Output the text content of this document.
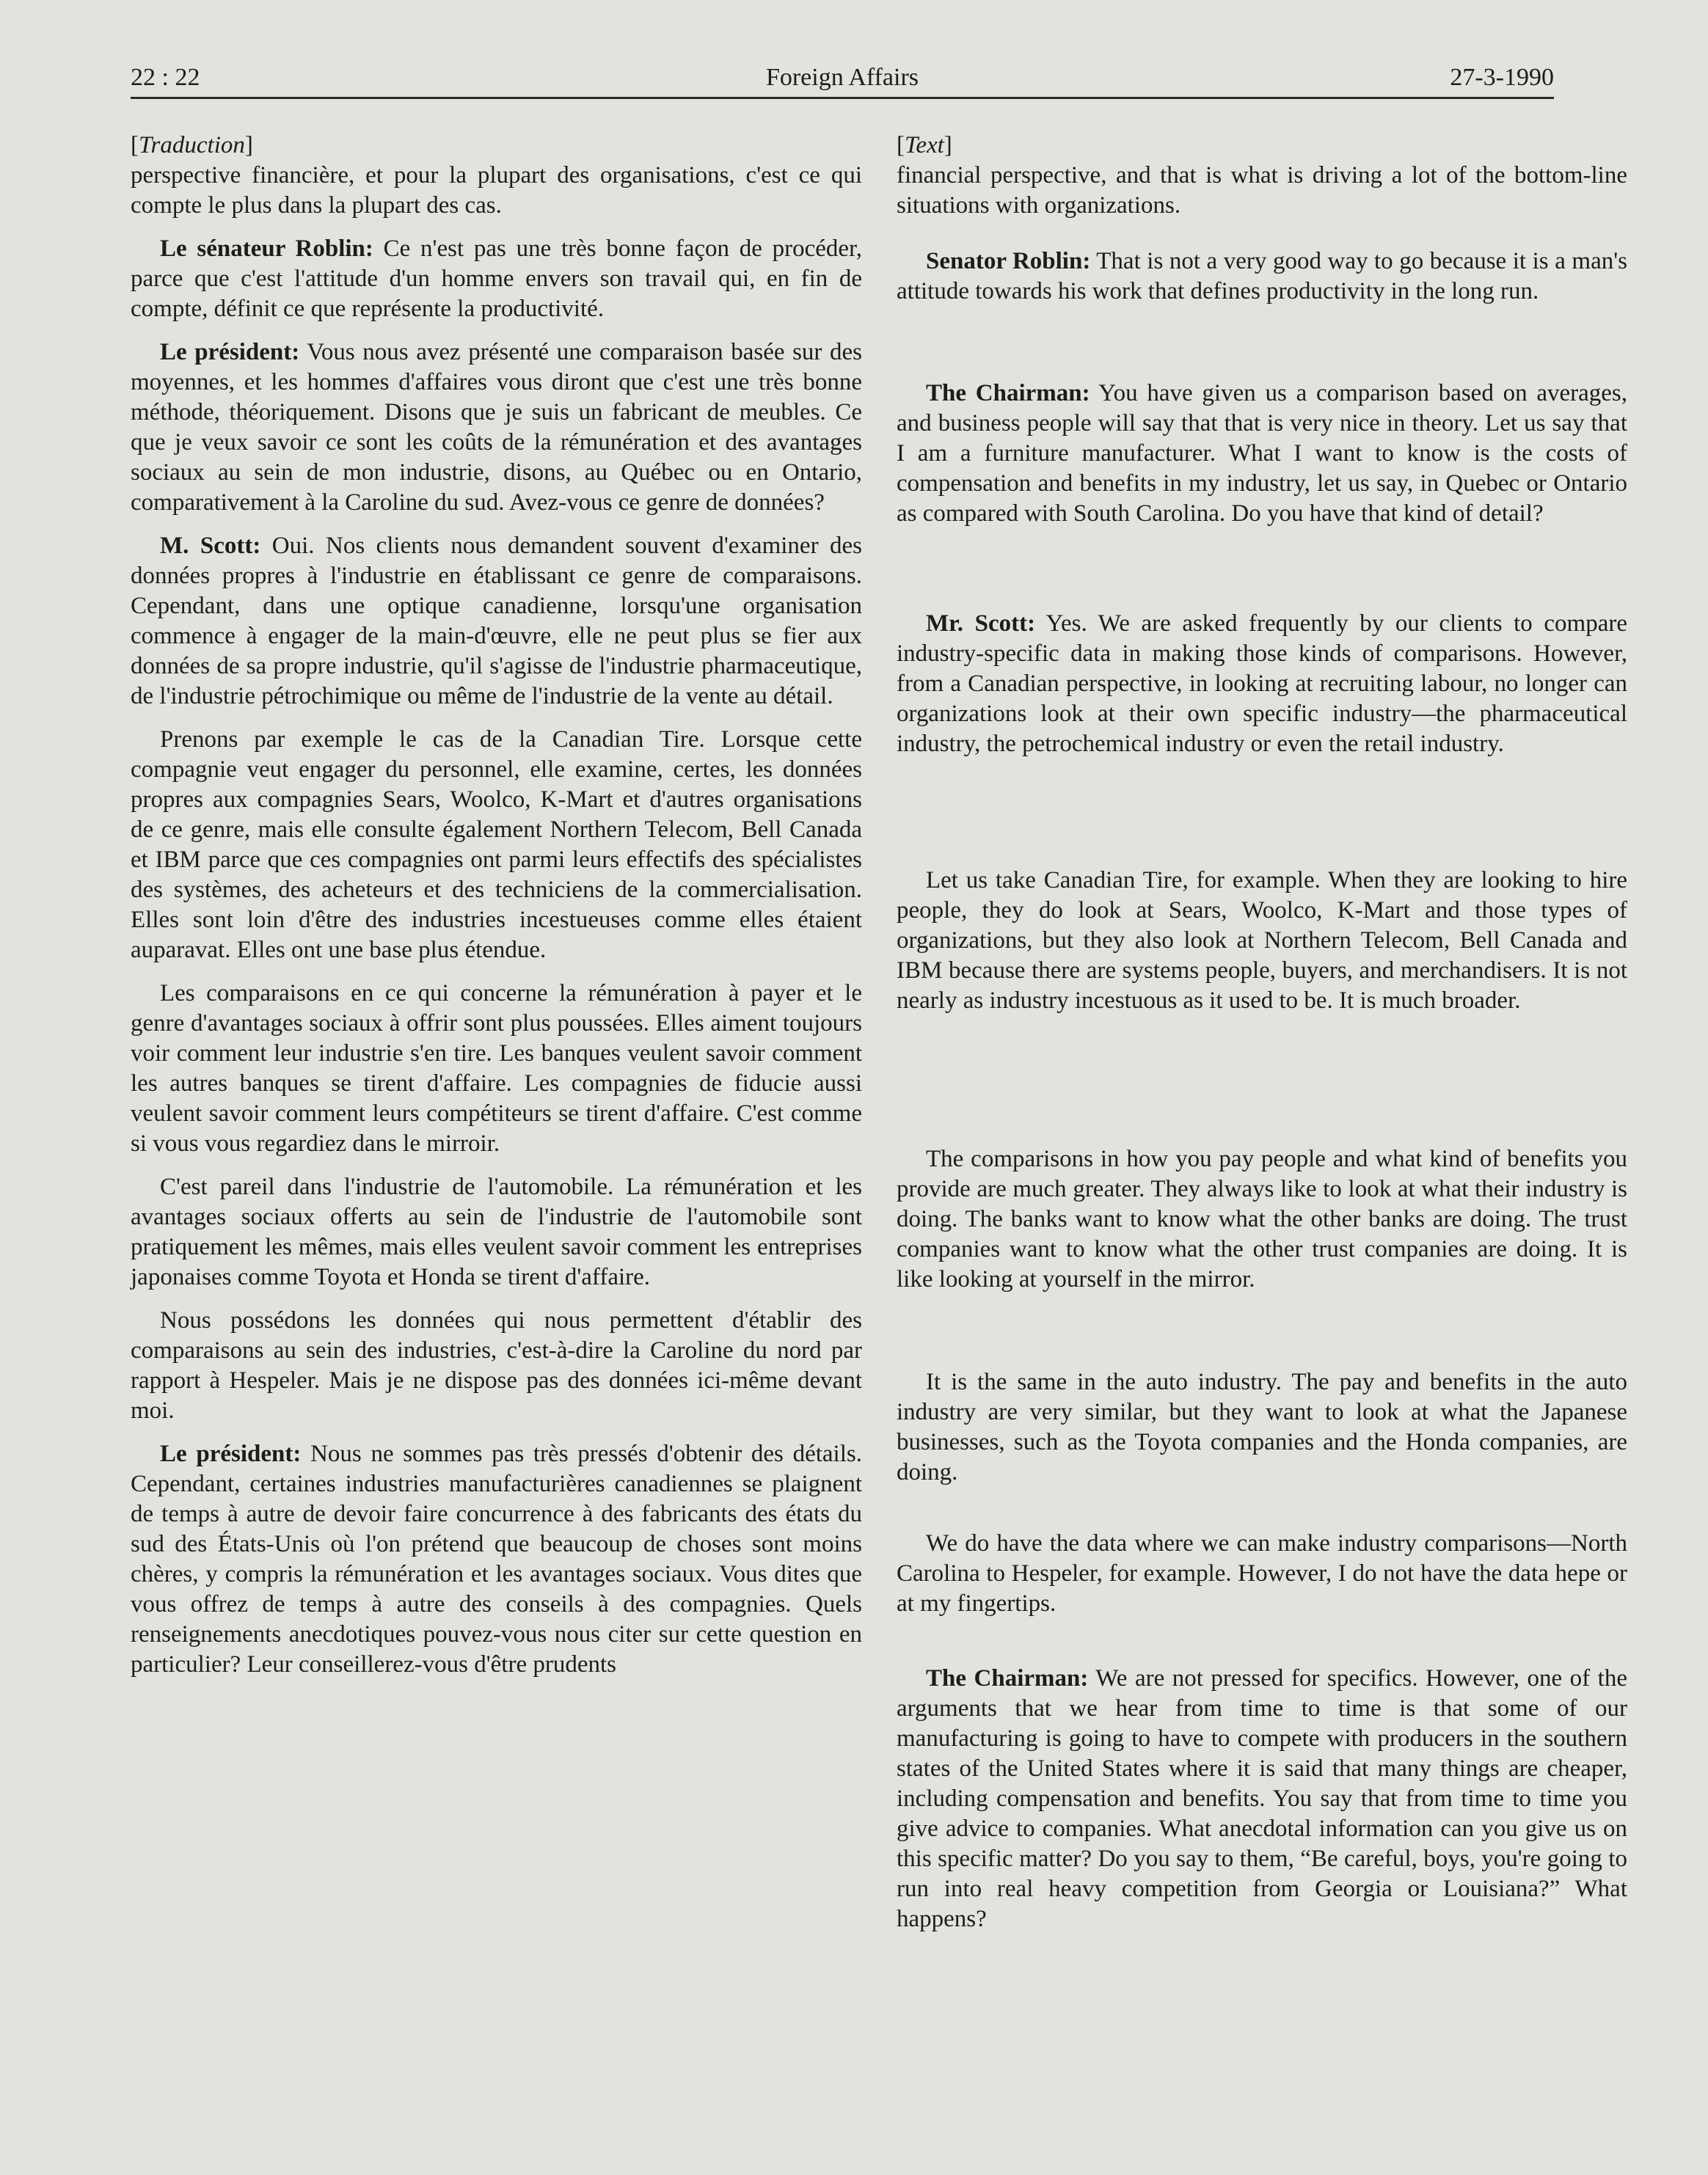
22 : 22	Foreign Affairs	27-3-1990
[Traduction]

perspective financière, et pour la plupart des organisations, c'est ce qui compte le plus dans la plupart des cas.

Le sénateur Roblin: Ce n'est pas une très bonne façon de procéder, parce que c'est l'attitude d'un homme envers son travail qui, en fin de compte, définit ce que représente la productivité.

Le président: Vous nous avez présenté une comparaison basée sur des moyennes, et les hommes d'affaires vous diront que c'est une très bonne méthode, théoriquement. Disons que je suis un fabricant de meubles. Ce que je veux savoir ce sont les coûts de la rémunération et des avantages sociaux au sein de mon industrie, disons, au Québec ou en Ontario, comparativement à la Caroline du sud. Avez-vous ce genre de données?

M. Scott: Oui. Nos clients nous demandent souvent d'examiner des données propres à l'industrie en établissant ce genre de comparaisons. Cependant, dans une optique canadienne, lorsqu'une organisation commence à engager de la main-d'œuvre, elle ne peut plus se fier aux données de sa propre industrie, qu'il s'agisse de l'industrie pharmaceutique, de l'industrie pétrochimique ou même de l'industrie de la vente au détail.

Prenons par exemple le cas de la Canadian Tire. Lorsque cette compagnie veut engager du personnel, elle examine, certes, les données propres aux compagnies Sears, Woolco, K-Mart et d'autres organisations de ce genre, mais elle consulte également Northern Telecom, Bell Canada et IBM parce que ces compagnies ont parmi leurs effectifs des spécialistes des systèmes, des acheteurs et des techniciens de la commercialisation. Elles sont loin d'être des industries incestueuses comme elles étaient auparavat. Elles ont une base plus étendue.

Les comparaisons en ce qui concerne la rémunération à payer et le genre d'avantages sociaux à offrir sont plus poussées. Elles aiment toujours voir comment leur industrie s'en tire. Les banques veulent savoir comment les autres banques se tirent d'affaire. Les compagnies de fiducie aussi veulent savoir comment leurs compétiteurs se tirent d'affaire. C'est comme si vous vous regardiez dans le mirroir.

C'est pareil dans l'industrie de l'automobile. La rémunération et les avantages sociaux offerts au sein de l'industrie de l'automobile sont pratiquement les mêmes, mais elles veulent savoir comment les entreprises japonaises comme Toyota et Honda se tirent d'affaire.

Nous possédons les données qui nous permettent d'établir des comparaisons au sein des industries, c'est-à-dire la Caroline du nord par rapport à Hespeler. Mais je ne dispose pas des données ici-même devant moi.

Le président: Nous ne sommes pas très pressés d'obtenir des détails. Cependant, certaines industries manufacturières canadiennes se plaignent de temps à autre de devoir faire concurrence à des fabricants des états du sud des États-Unis où l'on prétend que beaucoup de choses sont moins chères, y compris la rémunération et les avantages sociaux. Vous dites que vous offrez de temps à autre des conseils à des compagnies. Quels renseignements anecdotiques pouvez-vous nous citer sur cette question en particulier? Leur conseillerez-vous d'être prudents

[Text]

financial perspective, and that is what is driving a lot of the bottom-line situations with organizations.

Senator Roblin: That is not a very good way to go because it is a man's attitude towards his work that defines productivity in the long run.

The Chairman: You have given us a comparison based on averages, and business people will say that that is very nice in theory. Let us say that I am a furniture manufacturer. What I want to know is the costs of compensation and benefits in my industry, let us say, in Quebec or Ontario as compared with South Carolina. Do you have that kind of detail?

Mr. Scott: Yes. We are asked frequently by our clients to compare industry-specific data in making those kinds of comparisons. However, from a Canadian perspective, in looking at recruiting labour, no longer can organizations look at their own specific industry—the pharmaceutical industry, the petrochemical industry or even the retail industry.

Let us take Canadian Tire, for example. When they are looking to hire people, they do look at Sears, Woolco, K-Mart and those types of organizations, but they also look at Northern Telecom, Bell Canada and IBM because there are systems people, buyers, and merchandisers. It is not nearly as industry incestuous as it used to be. It is much broader.

The comparisons in how you pay people and what kind of benefits you provide are much greater. They always like to look at what their industry is doing. The banks want to know what the other banks are doing. The trust companies want to know what the other trust companies are doing. It is like looking at yourself in the mirror.

It is the same in the auto industry. The pay and benefits in the auto industry are very similar, but they want to look at what the Japanese businesses, such as the Toyota companies and the Honda companies, are doing.

We do have the data where we can make industry comparisons—North Carolina to Hespeler, for example. However, I do not have the data hepe or at my fingertips.

The Chairman: We are not pressed for specifics. However, one of the arguments that we hear from time to time is that some of our manufacturing is going to have to compete with producers in the southern states of the United States where it is said that many things are cheaper, including compensation and benefits. You say that from time to time you give advice to companies. What anecdotal information can you give us on this specific matter? Do you say to them, “Be careful, boys, you're going to run into real heavy competition from Georgia or Louisiana?” What happens?
